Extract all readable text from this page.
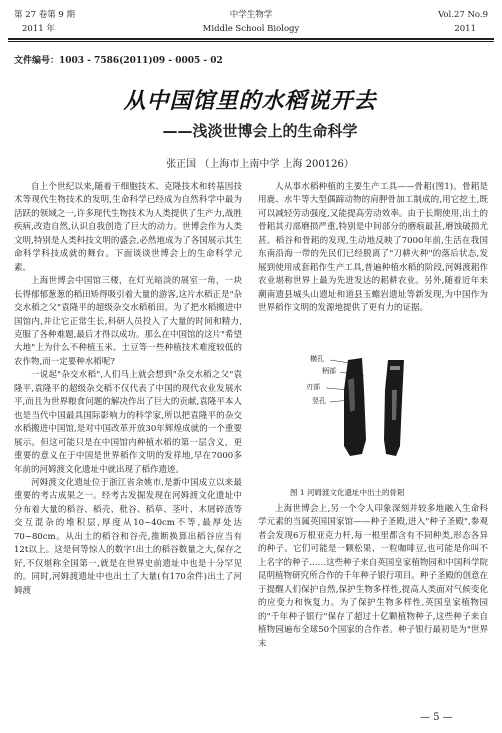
第 27 卷第 9 期
2011 年
中学生物学
Middle School Biology
Vol.27 No.9
2011
文件编号：1003 - 7586(2011)09 - 0005 - 02
从中国馆里的水稻说开去
——浅淡世博会上的生命科学
张正国 （上海市上南中学 上海 200126）

自上个世纪以来,随着干细胞技术、克隆技术和转基因技术等现代生物技术的发明,生命科学已经成为自然科学中最为活跃的领域之一,许多现代生物技术为人类提供了生产力,战胜疾病,改造自然,认识自我创造了巨大的动力。世博会作为人类文明,特别是人类科技文明的盛会,必然地成为了各国展示其生命科学科技成就的舞台。下面谈谈世博会上的生命科学元素。

上海世博会中国馆三楼，在灯光暗淡的展室一角，一块长得郁郁葱葱的稻田矫得吸引着大量的游客,这片水稻正是"杂交水稻之父"袁隆平的超级杂交水稻稻田。为了把水稻搬进中国馆内,并让它正常生长,科研人员投入了大量的时间和精力,克服了各种难题,最后才得以成功。那么在中国馆的这片"希望大地"上为什么不种植玉米、土豆等一些种植技术难度较低的农作物,而一定要种水稻呢?

一说起"杂交水稻",人们马上就会想到"杂交水稻之父"袁隆平,袁隆平的超级杂交稻不仅代表了中国的现代农业发展水平,而且为世界粮食问题的解决作出了巨大的贡献,袁隆平本人也是当代中国最具国际影响力的科学家,所以把袁隆平的杂交水稻搬进中国馆,是对中国改革开放30年辉煌成就的一个重要展示。但这可能只是在中国馆内种植水稻的第一层含义，更重要的意义在于中国是世界稻作文明的发祥地,早在7000多年前的河姆渡文化遗址中就出现了稻作遗迹。

河姆渡文化遗址位于浙江省余姚市,是新中国成立以来最重要的考古成果之一。经考古发掘发现在河姆渡文化遗址中分布着大量的稻谷、稻壳、秕谷、稻草、茎叶、木屑碎渣等交互混杂的堆积层,厚度从10~40cm不等,最厚处达70~80cm。从出土的稻谷和谷壳,推断换算出稻谷应当有12t以上。这是何等惊人的数字!出土的稻谷数量之大,保存之好,不仅堪称全国第一,就是在世界史前遗址中也是十分罕见的。同时,河姆渡遗址中也出土了大量(有170余件)出土了河姆渡

人从事水稻种植的主要生产工具——骨耜(图1)。骨耜是用鹿、水牛等大型偶蹄动物的肩胛骨加工制成的,用它挖土,既可以减轻劳动强度,又能提高劳动效率。由于长期使用,出土的骨耜其刃部磨损严重,特别是中间部分的磨痕最甚,磨蚀破损尤甚。稻谷和骨耜的发现,生动地反映了7000年前,生活在我国东南沿海一带的先民们已经脱离了"刀耕火种"的落后状态,发展到使用成套耜作生产工具,普遍种植水稻的阶段,河姆渡耜作农业堪称世界上最为先进发达的耜耕农业。另外,随着近年来潮南遗县城头山遗址和道县玉蟾岩遗址等新发现,为中国作为世界稻作文明的发源地提供了更有力的证据。

横孔
柄部
刃部
竖孔
图 1 河姆渡文化遗址中出土的骨耜

上海世博会上,另一个令人印象深刻并较多地融入生命科学元素的当属英国国家馆——种子圣殿,进入"种子圣殿",参观者会发现6万根亚克力杆,每一根里都含有不同种类,形态各异的种子。它们可能是一颗松果、一粒咖啡豆,也可能是你叫不上名字的种子……这些种子来自英国皇家植物园和中国科学院昆明植物研究所合作的千年种子银行项目。种子圣殿的创意在于提醒人们保护自然,保护生物多样性,提高人类面对气候变化的应变力和恢复力。为了保护生物多样性,英国皇家植物园的"千年种子银行"保存了超过十亿颗植物种子,这些种子来自植物园遍布全球50个国家的合作者。种子银行最初是为"世界末

— 5 —
